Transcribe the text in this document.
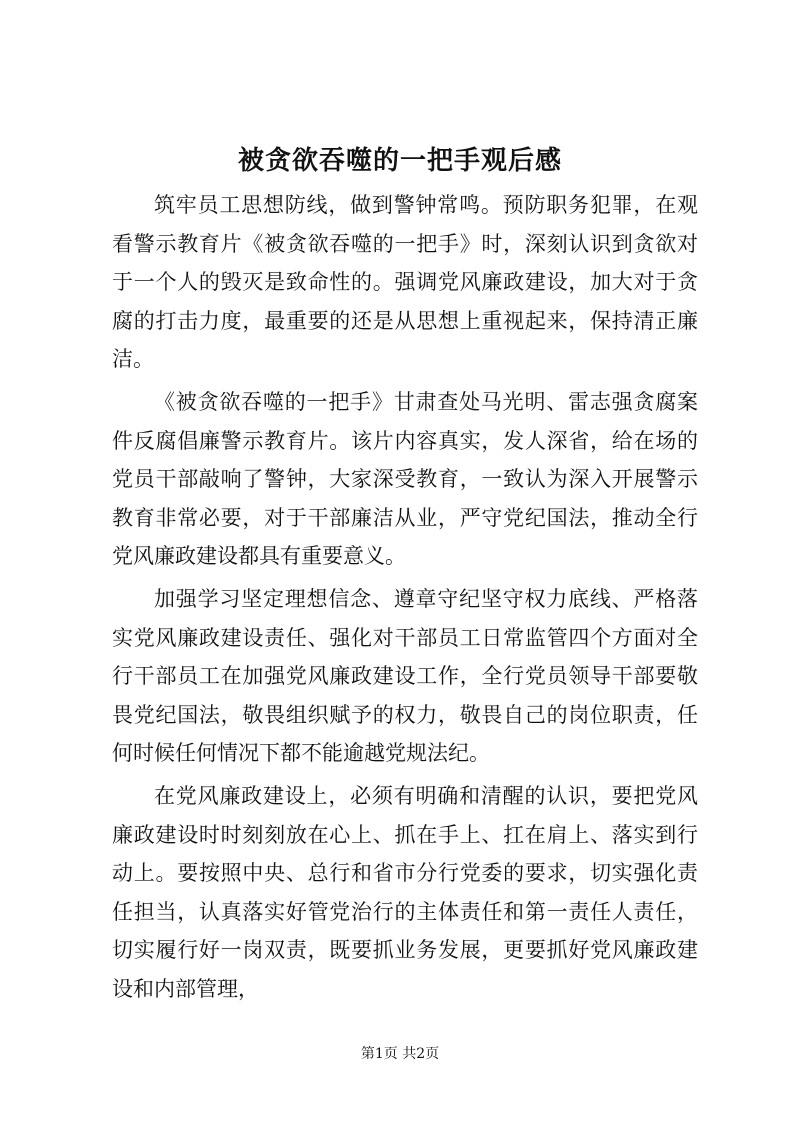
被贪欲吞噬的一把手观后感

筑牢员工思想防线，做到警钟常鸣。预防职务犯罪，在观看警示教育片《被贪欲吞噬的一把手》时，深刻认识到贪欲对于一个人的毁灭是致命性的。强调党风廉政建设，加大对于贪腐的打击力度，最重要的还是从思想上重视起来，保持清正廉洁。

《被贪欲吞噬的一把手》甘肃查处马光明、雷志强贪腐案件反腐倡廉警示教育片。该片内容真实，发人深省，给在场的党员干部敲响了警钟，大家深受教育，一致认为深入开展警示教育非常必要，对于干部廉洁从业，严守党纪国法，推动全行党风廉政建设都具有重要意义。

加强学习坚定理想信念、遵章守纪坚守权力底线、严格落实党风廉政建设责任、强化对干部员工日常监管四个方面对全行干部员工在加强党风廉政建设工作，全行党员领导干部要敬畏党纪国法，敬畏组织赋予的权力，敬畏自己的岗位职责，任何时候任何情况下都不能逾越党规法纪。

在党风廉政建设上，必须有明确和清醒的认识，要把党风廉政建设时时刻刻放在心上、抓在手上、扛在肩上、落实到行动上。要按照中央、总行和省市分行党委的要求，切实强化责任担当，认真落实好管党治行的主体责任和第一责任人责任，切实履行好一岗双责，既要抓业务发展，更要抓好党风廉政建设和内部管理，

第1页 共2页
